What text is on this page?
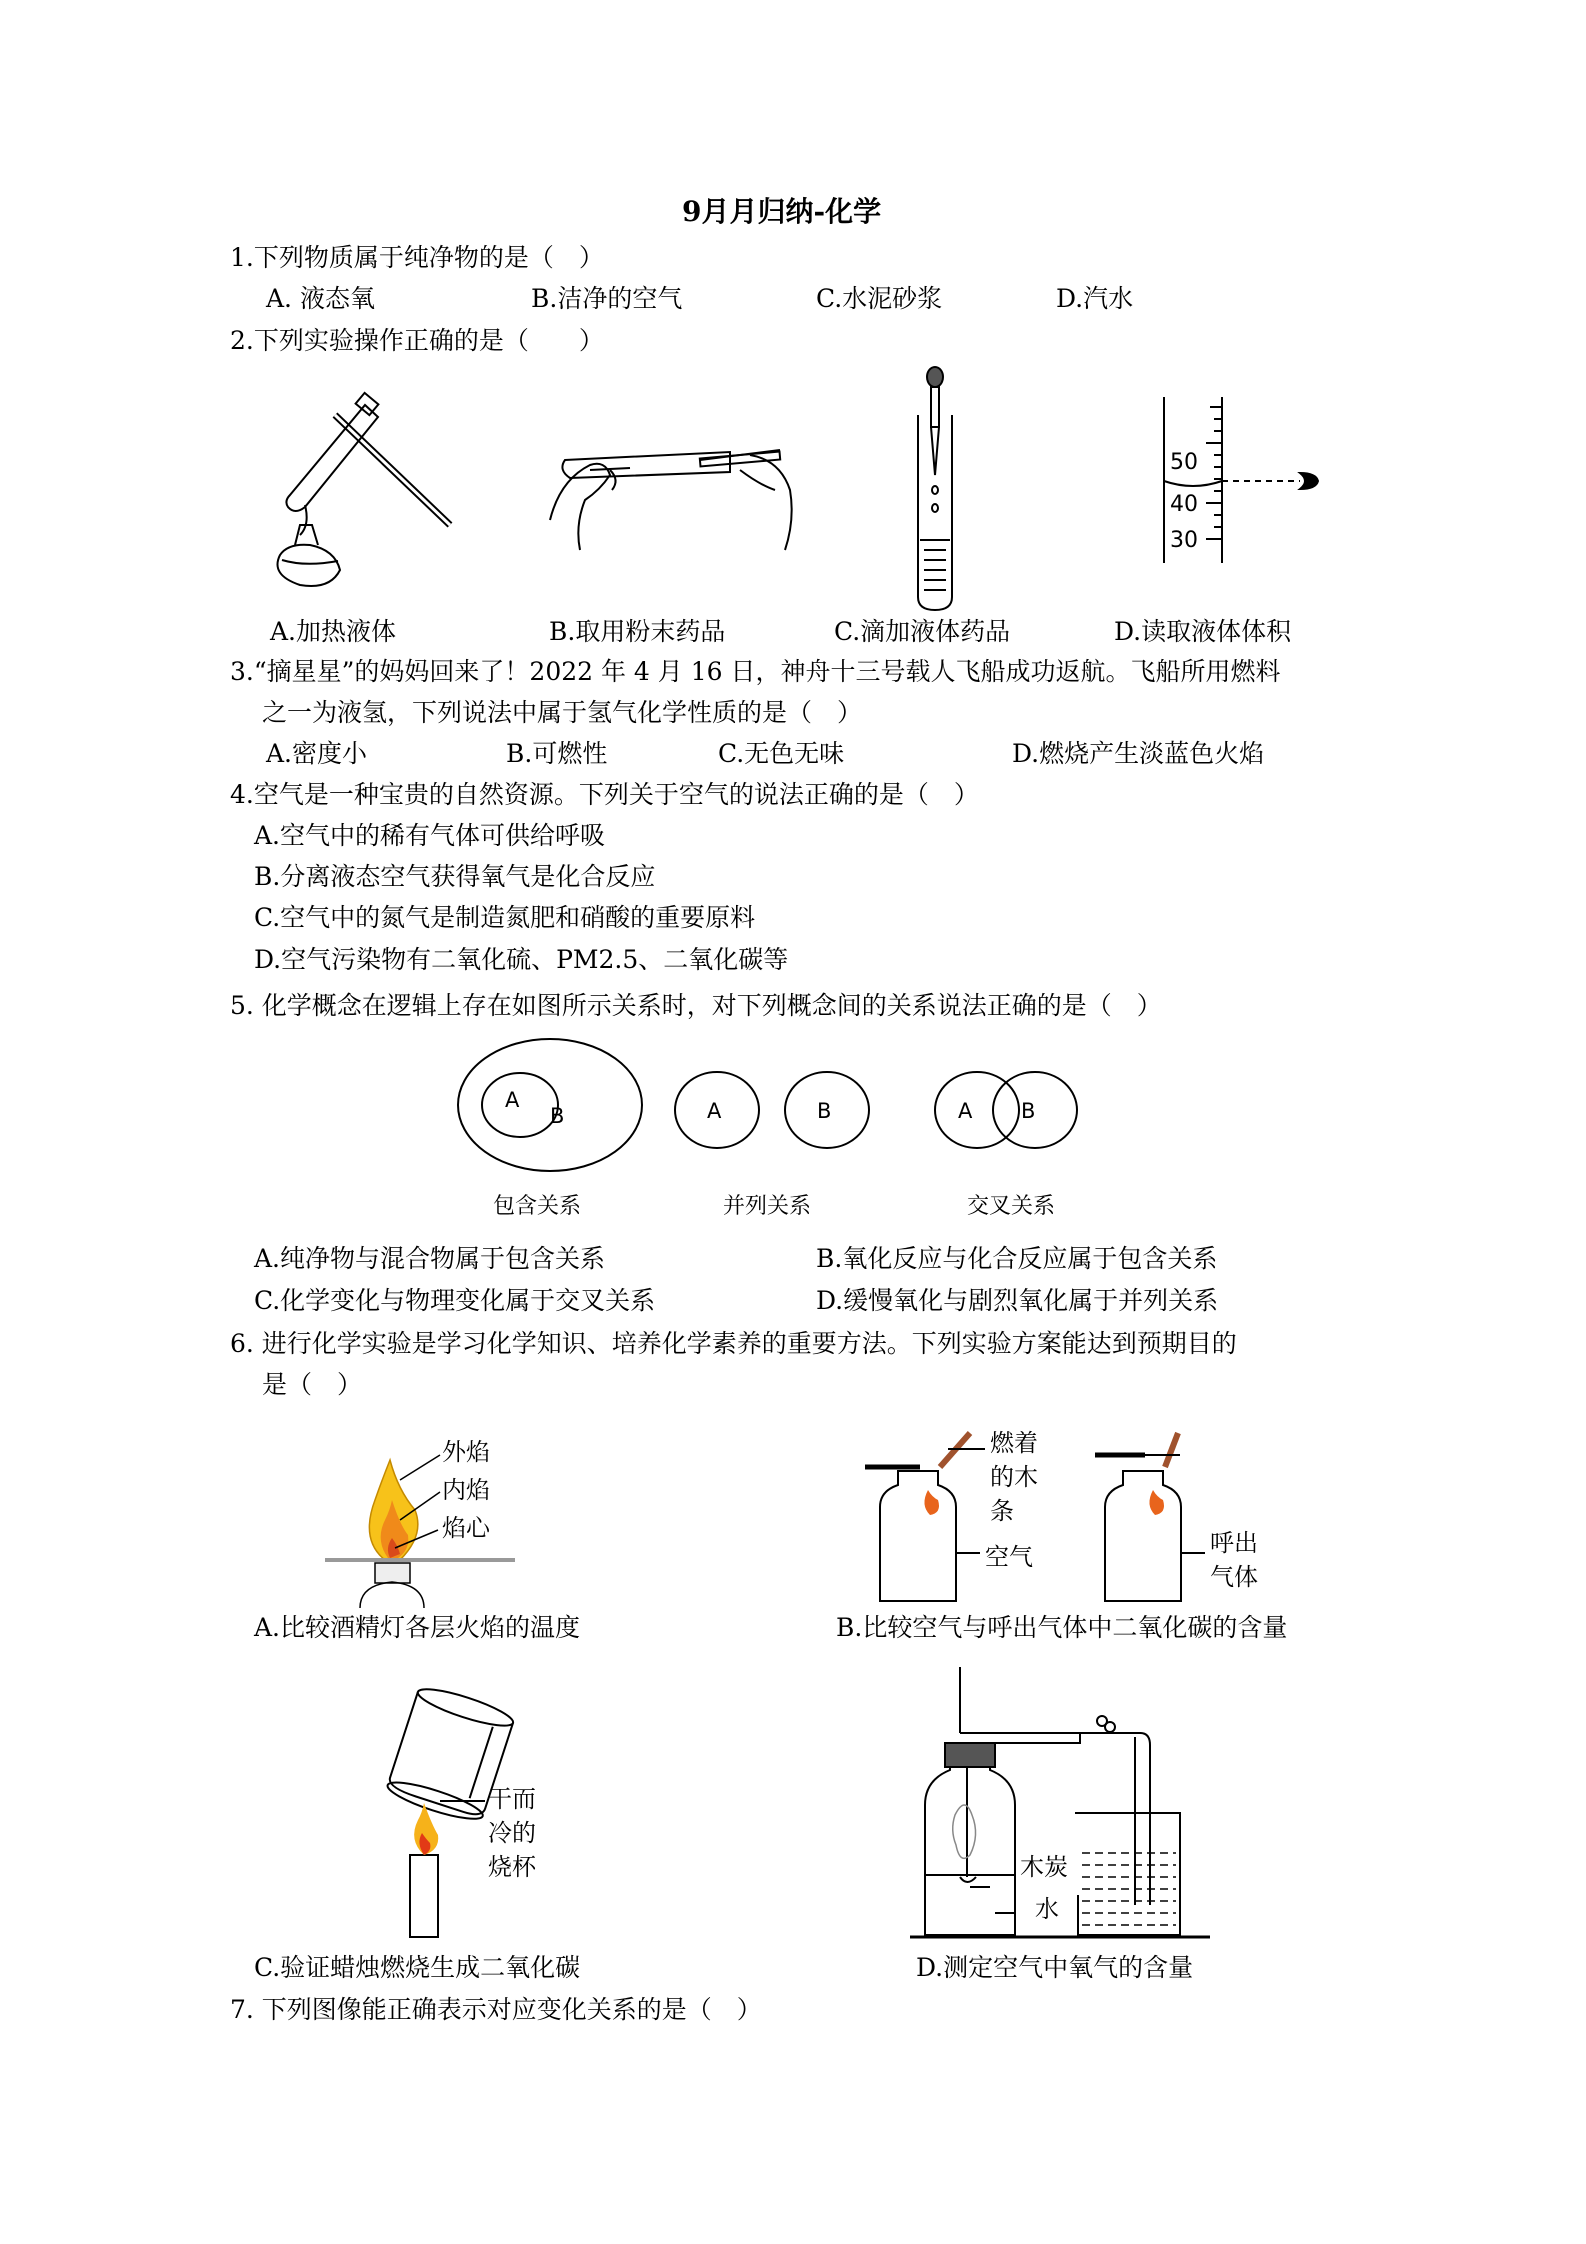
9月月归纳-化学
1.下列物质属于纯净物的是（　）
A. 液态氧	B.洁净的空气	C.水泥砂浆	D.汽水
2.下列实验操作正确的是（　　）
50
40
30
A.加热液体	B.取用粉末药品	C.滴加液体药品	D.读取液体体积
3.“摘星星”的妈妈回来了！2022 年 4 月 16 日，神舟十三号载人飞船成功返航。飞船所用燃料
之一为液氢，下列说法中属于氢气化学性质的是（　）
A.密度小	B.可燃性	C.无色无味	D.燃烧产生淡蓝色火焰
4.空气是一种宝贵的自然资源。下列关于空气的说法正确的是（　）
A.空气中的稀有气体可供给呼吸
B.分离液态空气获得氧气是化合反应
C.空气中的氮气是制造氮肥和硝酸的重要原料
D.空气污染物有二氧化硫、PM2.5、二氧化碳等
5. 化学概念在逻辑上存在如图所示关系时，对下列概念间的关系说法正确的是（　）
A
B	A	B	A B
包含关系	并列关系	交叉关系
A.纯净物与混合物属于包含关系	B.氧化反应与化合反应属于包含关系
C.化学变化与物理变化属于交叉关系	D.缓慢氧化与剧烈氧化属于并列关系
6. 进行化学实验是学习化学知识、培养化学素养的重要方法。下列实验方案能达到预期目的
是（　）
外焰
内焰
焰心
燃着
的木
条
空气	呼出
气体
A.比较酒精灯各层火焰的温度	B.比较空气与呼出气体中二氧化碳的含量
干而
冷的
烧杯	木炭
水
C.验证蜡烛燃烧生成二氧化碳	D.测定空气中氧气的含量
7. 下列图像能正确表示对应变化关系的是（　）
